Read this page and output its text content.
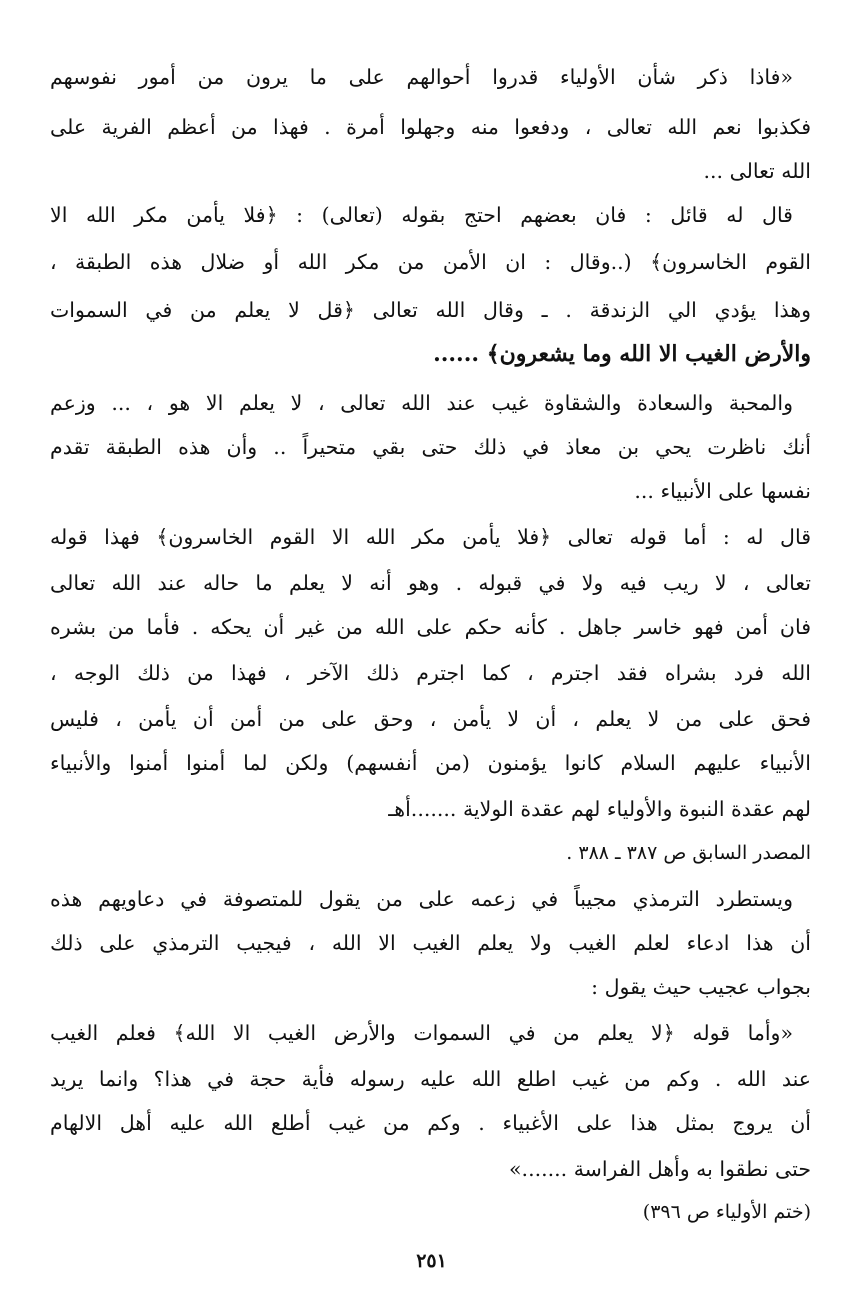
«فاذا ذكر شأن الأولياء قدروا أحوالهم على ما يرون من أمور نفوسهم
فكذبوا نعم الله تعالى ، ودفعوا منه وجهلوا أمرة . فهذا من أعظم الفرية على
الله تعالى ...
قال له قائل : فان بعضهم احتج بقوله (تعالى) : ﴿فلا يأمن مكر الله الا
القوم الخاسرون﴾ (..وقال : ان الأمن من مكر الله أو ضلال هذه الطبقة ،
وهذا يؤدي الي الزندقة . ـ وقال الله تعالى ﴿قل لا يعلم من في السموات
والأرض الغيب الا الله وما يشعرون﴾ ......
والمحبة والسعادة والشقاوة غيب عند الله تعالى ، لا يعلم الا هو ، ... وزعم
أنك ناظرت يحي بن معاذ في ذلك حتى بقي متحيراً .. وأن هذه الطبقة تقدم
نفسها على الأنبياء ...
قال له : أما قوله تعالى ﴿فلا يأمن مكر الله الا القوم الخاسرون﴾ فهذا قوله
تعالى ، لا ريب فيه ولا في قبوله . وهو أنه لا يعلم ما حاله عند الله تعالى
فان أمن فهو خاسر جاهل . كأنه حكم على الله من غير أن يحكه . فأما من بشره
الله فرد بشراه فقد اجترم ، كما اجترم ذلك الآخر ، فهذا من ذلك الوجه ،
فحق على من لا يعلم ، أن لا يأمن ، وحق على من أمن أن يأمن ، فليس
الأنبياء عليهم السلام كانوا يؤمنون (من أنفسهم) ولكن لما أمنوا أمنوا والأنبياء
لهم عقدة النبوة والأولياء لهم عقدة الولاية .......أهـ
المصدر السابق ص ٣٨٧ ـ ٣٨٨ .
ويستطرد الترمذي مجيباً في زعمه على من يقول للمتصوفة في دعاويهم هذه
أن هذا ادعاء لعلم الغيب ولا يعلم الغيب الا الله ، فيجيب الترمذي على ذلك
بجواب عجيب حيث يقول :
«وأما قوله ﴿لا يعلم من في السموات والأرض الغيب الا الله﴾ فعلم الغيب
عند الله . وكم من غيب اطلع الله عليه رسوله فأية حجة في هذا؟ وانما يريد
أن يروج بمثل هذا على الأغبياء . وكم من غيب أطلع الله عليه أهل الالهام
حتى نطقوا به وأهل الفراسة .......»
(ختم الأولياء ص ٣٩٦)
٢٥١
